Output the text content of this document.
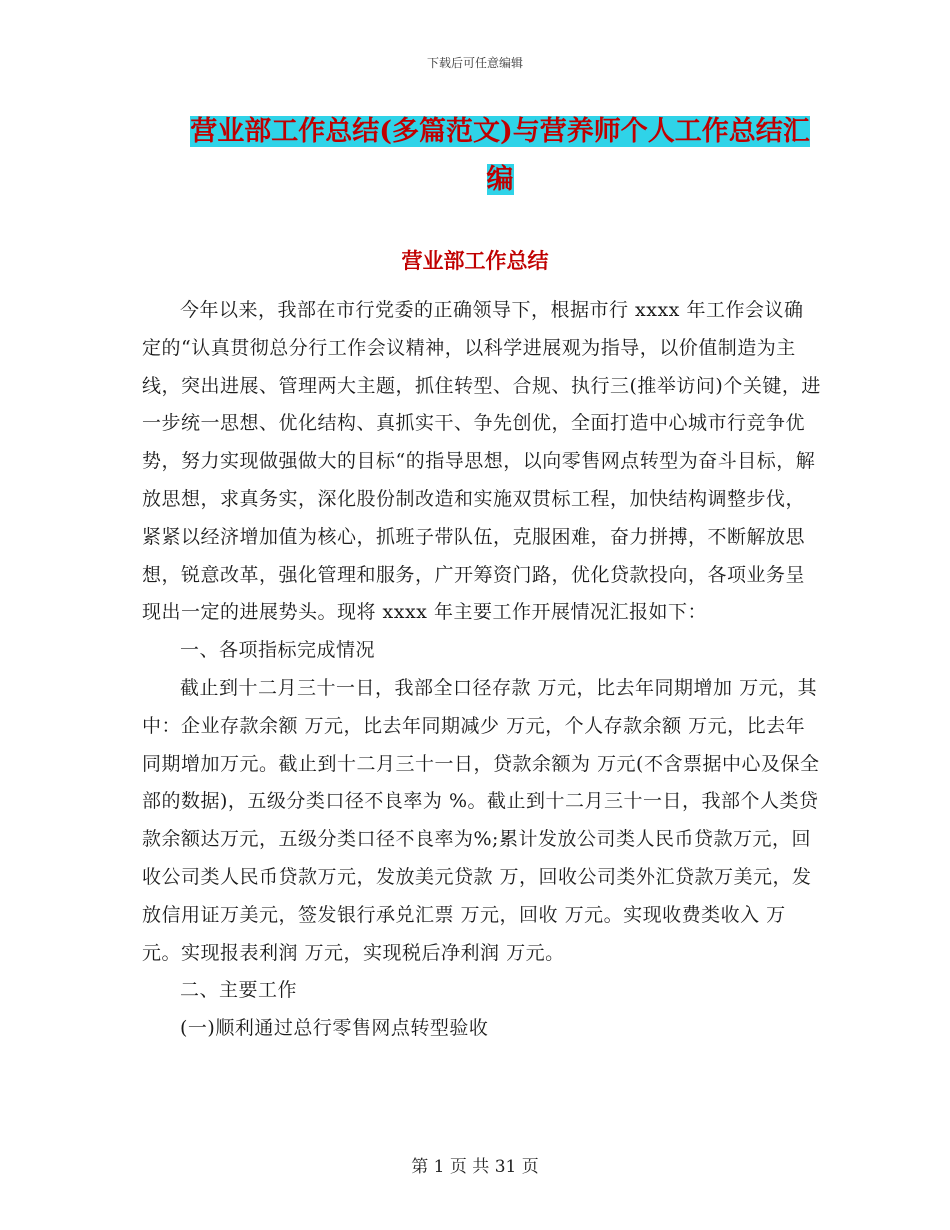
下载后可任意编辑
营业部工作总结(多篇范文)与营养师个人工作总结汇编
营业部工作总结

今年以来，我部在市行党委的正确领导下，根据市行 xxxx 年工作会议确定的“认真贯彻总分行工作会议精神，以科学进展观为指导，以价值制造为主线，突出进展、管理两大主题，抓住转型、合规、执行三(推举访问)个关键，进一步统一思想、优化结构、真抓实干、争先创优，全面打造中心城市行竞争优势，努力实现做强做大的目标“的指导思想，以向零售网点转型为奋斗目标，解放思想，求真务实，深化股份制改造和实施双贯标工程，加快结构调整步伐，紧紧以经济增加值为核心，抓班子带队伍，克服困难，奋力拼搏，不断解放思想，锐意改革，强化管理和服务，广开筹资门路，优化贷款投向，各项业务呈现出一定的进展势头。现将 xxxx 年主要工作开展情况汇报如下：

一、各项指标完成情况

截止到十二月三十一日，我部全口径存款 万元，比去年同期增加 万元，其中：企业存款余额 万元，比去年同期减少 万元，个人存款余额 万元，比去年同期增加万元。截止到十二月三十一日，贷款余额为 万元(不含票据中心及保全部的数据)，五级分类口径不良率为 %。截止到十二月三十一日，我部个人类贷款余额达万元，五级分类口径不良率为%;累计发放公司类人民币贷款万元，回收公司类人民币贷款万元，发放美元贷款 万，回收公司类外汇贷款万美元，发放信用证万美元，签发银行承兑汇票 万元，回收 万元。实现收费类收入 万元。实现报表利润 万元，实现税后净利润 万元。

二、主要工作

(一)顺利通过总行零售网点转型验收

第 1 页 共 31 页
